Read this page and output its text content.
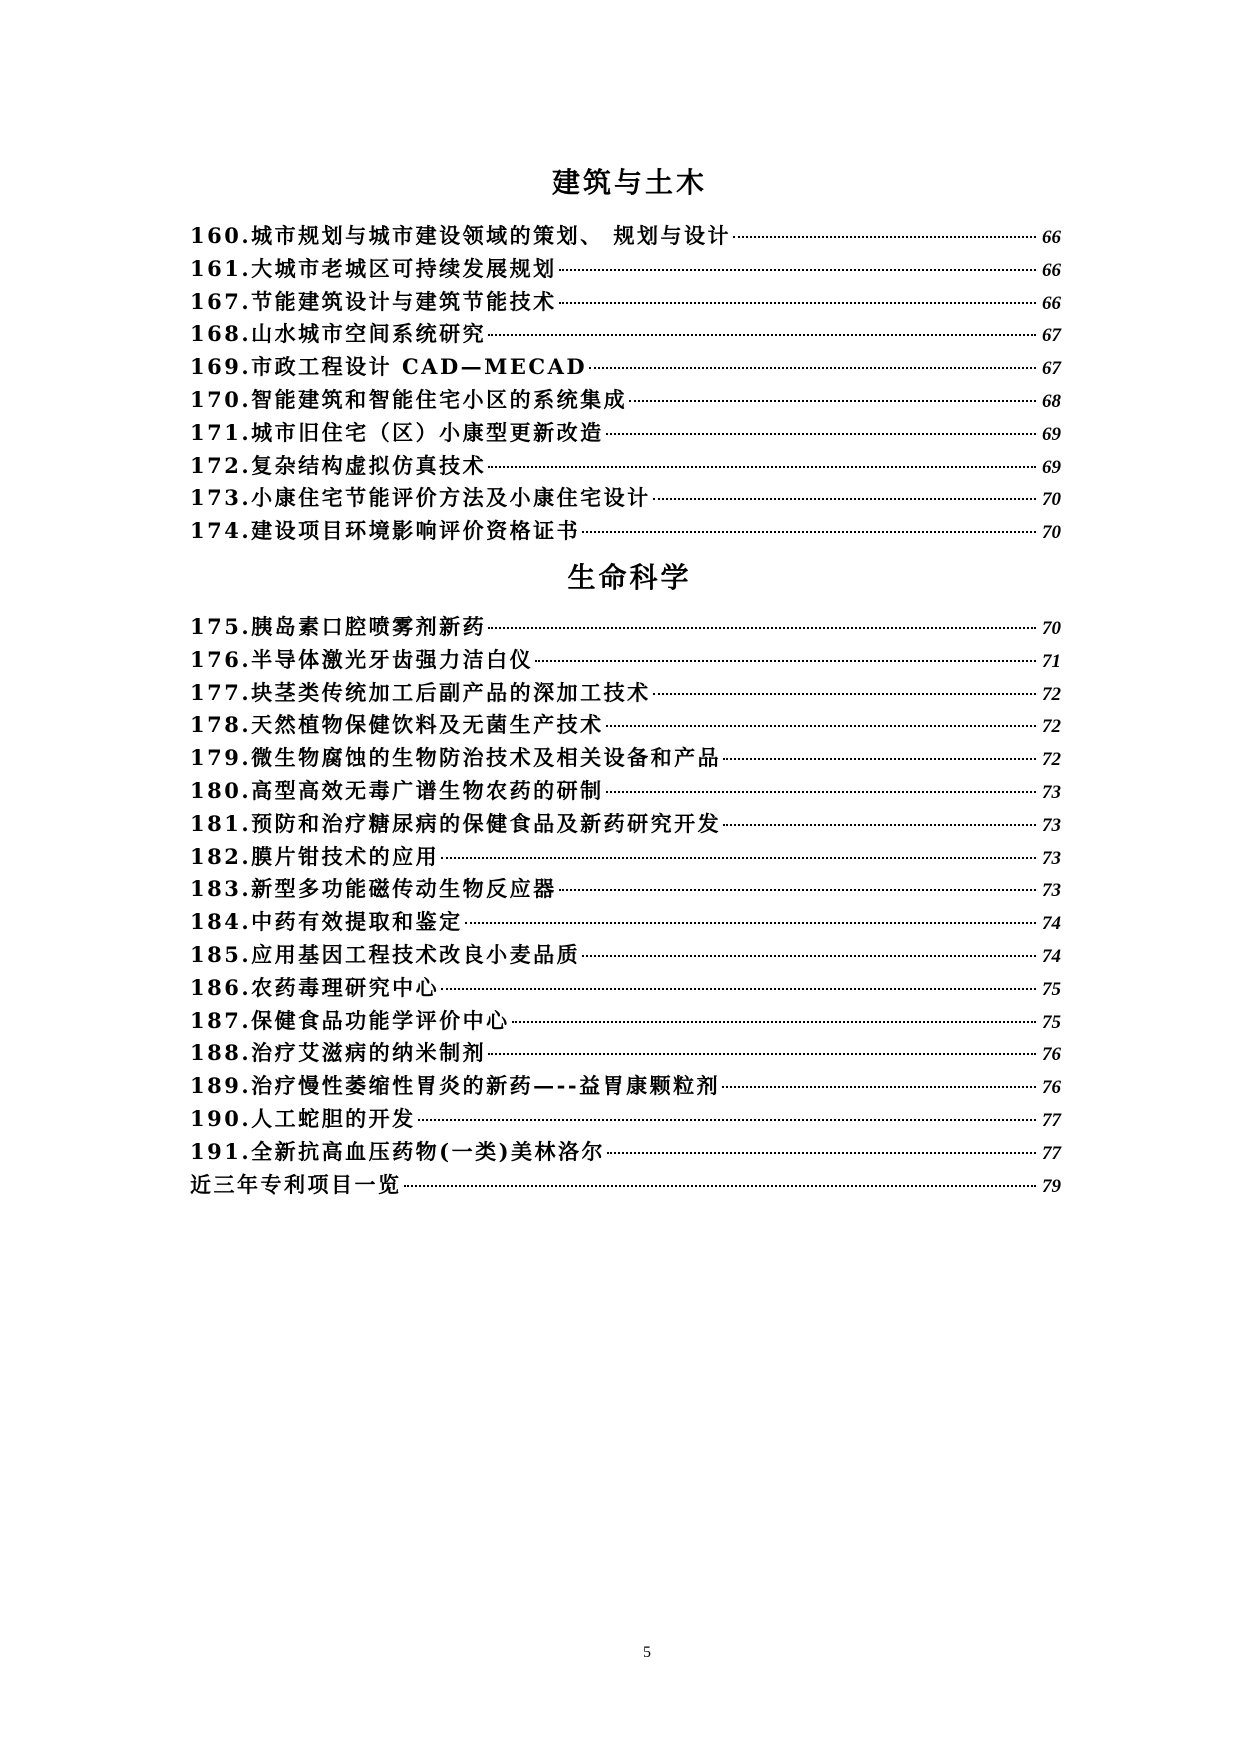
建筑与土木
160.城市规划与城市建设领域的策划、 规划与设计	66
161.大城市老城区可持续发展规划	66
167.节能建筑设计与建筑节能技术	66
168.山水城市空间系统研究	67
169.市政工程设计 CAD—MECAD	67
170.智能建筑和智能住宅小区的系统集成	68
171.城市旧住宅（区）小康型更新改造	69
172.复杂结构虚拟仿真技术	69
173.小康住宅节能评价方法及小康住宅设计	70
174.建设项目环境影响评价资格证书	70
生命科学
175.胰岛素口腔喷雾剂新药	70
176.半导体激光牙齿强力洁白仪	71
177.块茎类传统加工后副产品的深加工技术	72
178.天然植物保健饮料及无菌生产技术	72
179.微生物腐蚀的生物防治技术及相关设备和产品	72
180.高型高效无毒广谱生物农药的研制	73
181.预防和治疗糖尿病的保健食品及新药研究开发	73
182.膜片钳技术的应用	73
183.新型多功能磁传动生物反应器	73
184.中药有效提取和鉴定	74
185.应用基因工程技术改良小麦品质	74
186.农药毒理研究中心	75
187.保健食品功能学评价中心	75
188.治疗艾滋病的纳米制剂	76
189.治疗慢性萎缩性胃炎的新药—--益胃康颗粒剂	76
190.人工蛇胆的开发	77
191.全新抗高血压药物(一类)美林洛尔	77
近三年专利项目一览	79
5
